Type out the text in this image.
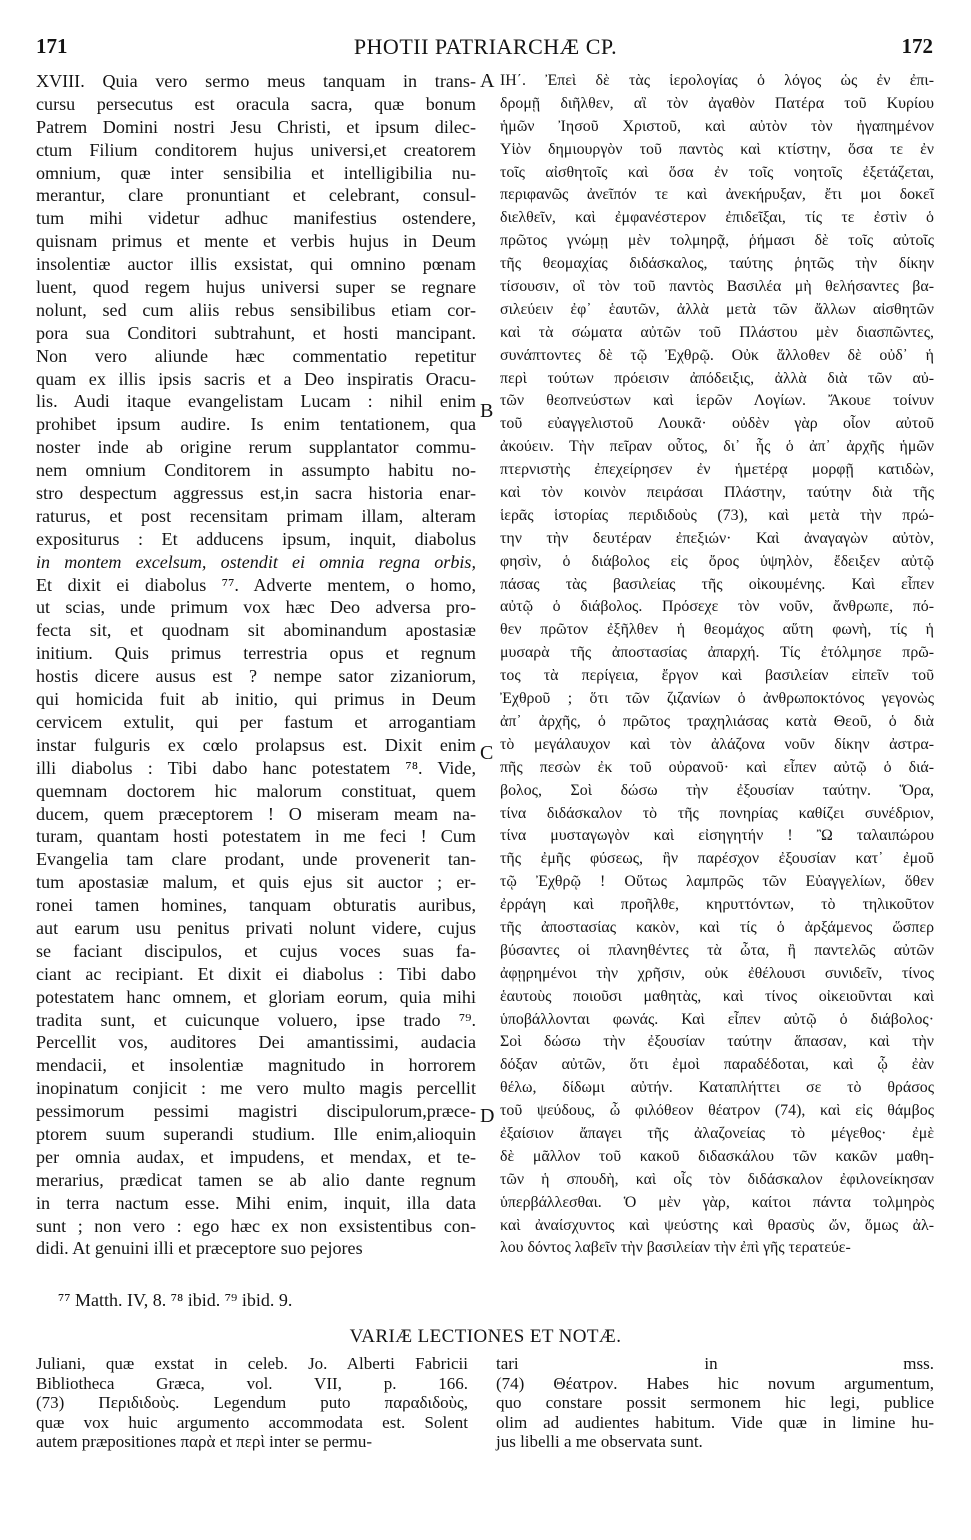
171	PHOTII PATRIARCHÆ CP.	172
XVIII. Quia vero sermo meus tanquam in trans-
cursu persecutus est oracula sacra, quæ bonum
Patrem Domini nostri Jesu Christi, et ipsum dilec-
ctum Filium conditorem hujus universi,et creatorem
omnium, quæ inter sensibilia et intelligibilia nu-
merantur, clare pronuntiant et celebrant, consul-
tum mihi videtur adhuc manifestius ostendere,
quisnam primus et mente et verbis hujus in Deum
insolentiæ auctor illis exsistat, qui omnino pœnam
luent, quod regem hujus universi super se regnare
nolunt, sed cum aliis rebus sensibilibus etiam cor-
pora sua Conditori subtrahunt, et hosti mancipant.
Non vero aliunde hæc commentatio repetitur
quam ex illis ipsis sacris et a Deo inspiratis Oracu-
lis. Audi itaque evangelistam Lucam : nihil enim
prohibet ipsum audire. Is enim tentationem, qua
noster inde ab origine rerum supplantator commu-
nem omnium Conditorem in assumpto habitu no-
stro despectum aggressus est,in sacra historia enar-
raturus, et post recensitam primam illam, alteram
expositurus : Et adducens ipsum, inquit, diabolus
in montem excelsum, ostendit ei omnia regna orbis,
Et dixit ei diabolus ⁷⁷. Adverte mentem, o homo,
ut scias, unde primum vox hæc Deo adversa pro-
fecta sit, et quodnam sit abominandum apostasiæ
initium. Quis primus terrestria opus et regnum
hostis dicere ausus est ? nempe sator zizaniorum,
qui homicida fuit ab initio, qui primus in Deum
cervicem extulit, qui per fastum et arrogantiam
instar fulguris ex cœlo prolapsus est. Dixit enim
illi diabolus : Tibi dabo hanc potestatem ⁷⁸. Vide,
quemnam doctorem hic malorum constituat, quem
ducem, quem præceptorem ! O miseram meam na-
turam, quantam hosti potestatem in me feci ! Cum
Evangelia tam clare prodant, unde provenerit tan-
tum apostasiæ malum, et quis ejus sit auctor ; er-
ronei tamen homines, tanquam obturatis auribus,
aut earum usu penitus privati nolunt videre, cujus
se faciant discipulos, et cujus voces suas fa-
ciant ac recipiant. Et dixit ei diabolus : Tibi dabo
potestatem hanc omnem, et gloriam eorum, quia mihi
tradita sunt, et cuicunque voluero, ipse trado ⁷⁹.
Percellit vos, auditores Dei amantissimi, audacia
mendacii, et insolentiæ magnitudo in horrorem
inopinatum conjicit : me vero multo magis percellit
pessimorum pessimi magistri discipulorum,præce-
ptorem suum superandi studium. Ille enim,alioquin
per omnia audax, et impudens, et mendax, et te-
merarius, prædicat tamen se ab alio dante regnum
in terra nactum esse. Mihi enim, inquit, illa data
sunt ; non vero : ego hæc ex non exsistentibus con-
didi. At genuini illi et præceptore suo pejores
ΙΗ΄. Ἐπεὶ δὲ τὰς ἱερολογίας ὁ λόγος ὡς ἐν ἐπι-
δρομῇ διῆλθεν, αἳ τὸν ἀγαθὸν Πατέρα τοῦ Κυρίου
ἡμῶν Ἰησοῦ Χριστοῦ, καὶ αὐτὸν τὸν ἠγαπημένον
Υἱὸν δημιουργὸν τοῦ παντὸς καὶ κτίστην, ὅσα τε ἐν
τοῖς αἰσθητοῖς καὶ ὅσα ἐν τοῖς νοητοῖς ἐξετάζεται,
περιφανῶς ἀνεῖπόν τε καὶ ἀνεκήρυξαν, ἔτι μοι δοκεῖ
διελθεῖν, καὶ ἐμφανέστερον ἐπιδεῖξαι, τίς τε ἐστὶν ὁ
πρῶτος γνώμῃ μὲν τολμηρᾷ, ῥήμασι δὲ τοῖς αὐτοῖς
τῆς θεομαχίας διδάσκαλος, ταύτης ῥητῶς τὴν δίκην
τίσουσιν, οἳ τὸν τοῦ παντὸς Βασιλέα μὴ θελήσαντες βα-
σιλεύειν ἐφ᾽ ἑαυτῶν, ἀλλὰ μετὰ τῶν ἄλλων αἰσθητῶν
καὶ τὰ σώματα αὐτῶν τοῦ Πλάστου μὲν διασπῶντες,
συνάπτοντες δὲ τῷ Ἐχθρῷ. Οὐκ ἄλλοθεν δὲ οὐδ᾽ ἡ
περὶ τούτων πρόεισιν ἀπόδειξις, ἀλλὰ διὰ τῶν αὐ-
τῶν θεοπνεύστων καὶ ἱερῶν Λογίων. Ἄκουε τοίνυν
τοῦ εὐαγγελιστοῦ Λουκᾶ· οὐδὲν γὰρ οἷον αὐτοῦ
ἀκούειν. Τὴν πεῖραν οὗτος, δι᾽ ἧς ὁ ἀπ᾽ ἀρχῆς ἡμῶν
πτερνιστὴς ἐπεχείρησεν ἐν ἡμετέρᾳ μορφῇ κατιδὼν,
καὶ τὸν κοινὸν πειράσαι Πλάστην, ταύτην διὰ τῆς
ἱερᾶς ἱστορίας περιδιδοὺς (73), καὶ μετὰ τὴν πρώ-
την τὴν δευτέραν ἐπεξιών· Καὶ ἀναγαγὼν αὐτὸν,
φησὶν, ὁ διάβολος εἰς ὄρος ὑψηλὸν, ἔδειξεν αὐτῷ
πάσας τὰς βασιλείας τῆς οἰκουμένης. Καὶ εἶπεν
αὐτῷ ὁ διάβολος. Πρόσεχε τὸν νοῦν, ἄνθρωπε, πό-
θεν πρῶτον ἐξῆλθεν ἡ θεομάχος αὕτη φωνὴ, τίς ἡ
μυσαρὰ τῆς ἀποστασίας ἀπαρχή. Τίς ἐτόλμησε πρῶ-
τος τὰ περίγεια, ἔργον καὶ βασιλείαν εἰπεῖν τοῦ
Ἐχθροῦ ; ὅτι τῶν ζιζανίων ὁ ἀνθρωποκτόνος γεγονὼς
ἀπ᾽ ἀρχῆς, ὁ πρῶτος τραχηλιάσας κατὰ Θεοῦ, ὁ διὰ
τὸ μεγάλαυχον καὶ τὸν ἀλάζονα νοῦν δίκην ἀστρα-
πῆς πεσὼν ἐκ τοῦ οὐρανοῦ· καὶ εἶπεν αὐτῷ ὁ διά-
βολος, Σοὶ δώσω τὴν ἐξουσίαν ταύτην. Ὅρα,
τίνα διδάσκαλον τὸ τῆς πονηρίας καθίζει συνέδριον,
τίνα μυσταγωγὸν καὶ εἰσηγητήν ! Ὢ ταλαιπώρου
τῆς ἐμῆς φύσεως, ἣν παρέσχον ἐξουσίαν κατ᾽ ἐμοῦ
τῷ Ἐχθρῷ ! Οὕτως λαμπρῶς τῶν Εὐαγγελίων, ὅθεν
ἐρράγη καὶ προῆλθε, κηρυττόντων, τὸ τηλικοῦτον
τῆς ἀποστασίας κακὸν, καὶ τίς ὁ ἀρξάμενος ὥσπερ
βύσαντες οἱ πλανηθέντες τὰ ὦτα, ἢ παντελῶς αὐτῶν
ἀφῃρημένοι τὴν χρῆσιν, οὐκ ἐθέλουσι συνιδεῖν, τίνος
ἑαυτοὺς ποιοῦσι μαθητὰς, καὶ τίνος οἰκειοῦνται καὶ
ὑποβάλλονται φωνάς. Καὶ εἶπεν αὐτῷ ὁ διάβολος·
Σοὶ δώσω τὴν ἐξουσίαν ταύτην ἅπασαν, καὶ τὴν
δόξαν αὐτῶν, ὅτι ἐμοὶ παραδέδοται, καὶ ᾧ ἐὰν
θέλω, δίδωμι αὐτήν. Καταπλήττει σε τὸ θράσος
τοῦ ψεύδους, ὦ φιλόθεον θέατρον (74), καὶ εἰς θάμβος
ἐξαίσιον ἄπαγει τῆς ἀλαζονείας τὸ μέγεθος· ἐμὲ
δὲ μᾶλλον τοῦ κακοῦ διδασκάλου τῶν κακῶν μαθη-
τῶν ἡ σπουδὴ, καὶ οἷς τὸν διδάσκαλον ἐφιλονείκησαν
ὑπερβάλλεσθαι. Ὁ μὲν γὰρ, καίτοι πάντα τολμηρὸς
καὶ ἀναίσχυντος καὶ ψεύστης καὶ θρασὺς ὤν, ὅμως ἀλ-
λου δόντος λαβεῖν τὴν βασιλείαν τὴν ἐπὶ γῆς τερατεύε-
A
B
C
D
⁷⁷ Matth. IV, 8. ⁷⁸ ibid. ⁷⁹ ibid. 9.
VARIÆ LECTIONES ET NOTÆ.
Juliani, quæ exstat in celeb. Jo. Alberti Fabricii
Bibliotheca Græca, vol. VII, p. 166.
(73) Περιδιδοὺς. Legendum puto παραδιδοὺς,
quæ vox huic argumento accommodata est. Solent
autem præpositiones παρὰ et περὶ inter se permu-
tari in mss.
(74) Θέατρον. Habes hic novum argumentum,
quo constare possit sermonem hic legi, publice
olim ad audientes habitum. Vide quæ in limine hu-
jus libelli a me observata sunt.
